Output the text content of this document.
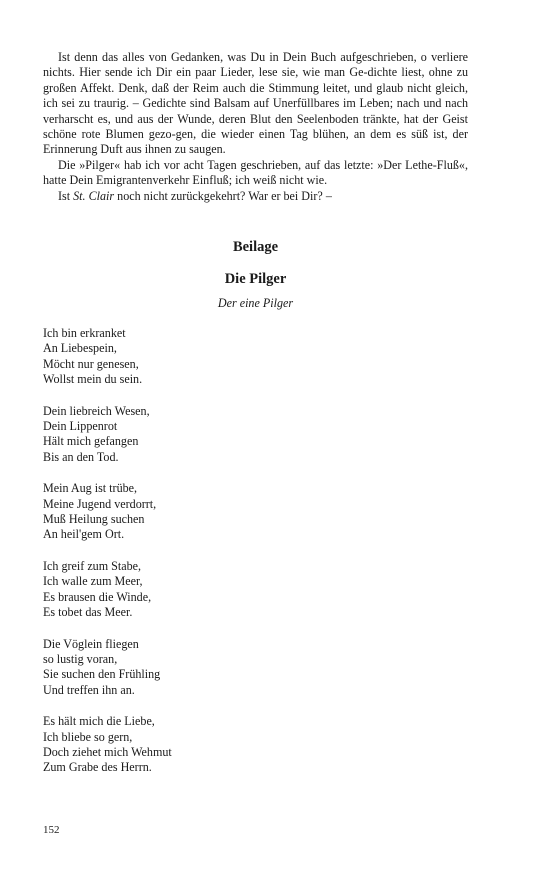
Ist denn das alles von Gedanken, was Du in Dein Buch aufgeschrieben, o verliere nichts. Hier sende ich Dir ein paar Lieder, lese sie, wie man Ge-dichte liest, ohne zu großen Affekt. Denk, daß der Reim auch die Stimmung leitet, und glaub nicht gleich, ich sei zu traurig. – Gedichte sind Balsam auf Unerfüllbares im Leben; nach und nach verharscht es, und aus der Wunde, deren Blut den Seelenboden tränkte, hat der Geist schöne rote Blumen gezo-gen, die wieder einen Tag blühen, an dem es süß ist, der Erinnerung Duft aus ihnen zu saugen.

Die »Pilger« hab ich vor acht Tagen geschrieben, auf das letzte: »Der Lethe-Fluß«, hatte Dein Emigrantenverkehr Einfluß; ich weiß nicht wie.

Ist St. Clair noch nicht zurückgekehrt? War er bei Dir? –

Beilage
Die Pilger
Der eine Pilger
Ich bin erkranket
An Liebespein,
Möcht nur genesen,
Wollst mein du sein.
Dein liebreich Wesen,
Dein Lippenrot
Hält mich gefangen
Bis an den Tod.
Mein Aug ist trübe,
Meine Jugend verdorrt,
Muß Heilung suchen
An heil'gem Ort.
Ich greif zum Stabe,
Ich walle zum Meer,
Es brausen die Winde,
Es tobet das Meer.
Die Vöglein fliegen
so lustig voran,
Sie suchen den Frühling
Und treffen ihn an.
Es hält mich die Liebe,
Ich bliebe so gern,
Doch ziehet mich Wehmut
Zum Grabe des Herrn.
152
